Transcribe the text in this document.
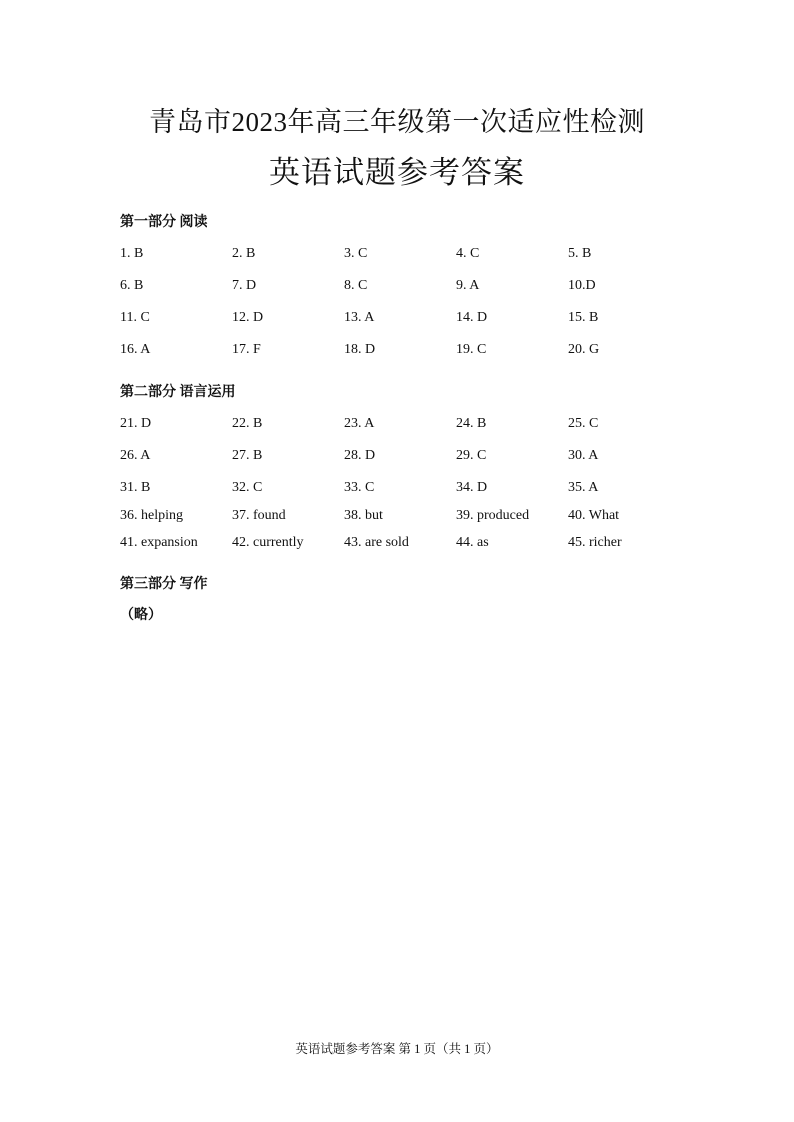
青岛市2023年高三年级第一次适应性检测
英语试题参考答案
第一部分 阅读
1. B	2. B	3. C	4. C	5. B
6. B	7. D	8. C	9. A	10.D
11. C	12. D	13. A	14. D	15. B
16. A	17. F	18. D	19. C	20. G
第二部分 语言运用
21. D	22. B	23. A	24. B	25. C
26. A	27. B	28. D	29. C	30. A
31. B	32. C	33. C	34. D	35. A
36. helping	37. found	38. but	39. produced	40. What
41. expansion 42. currently	43. are sold	44. as	45. richer
第三部分 写作
（略）
英语试题参考答案 第 1 页（共 1 页）
